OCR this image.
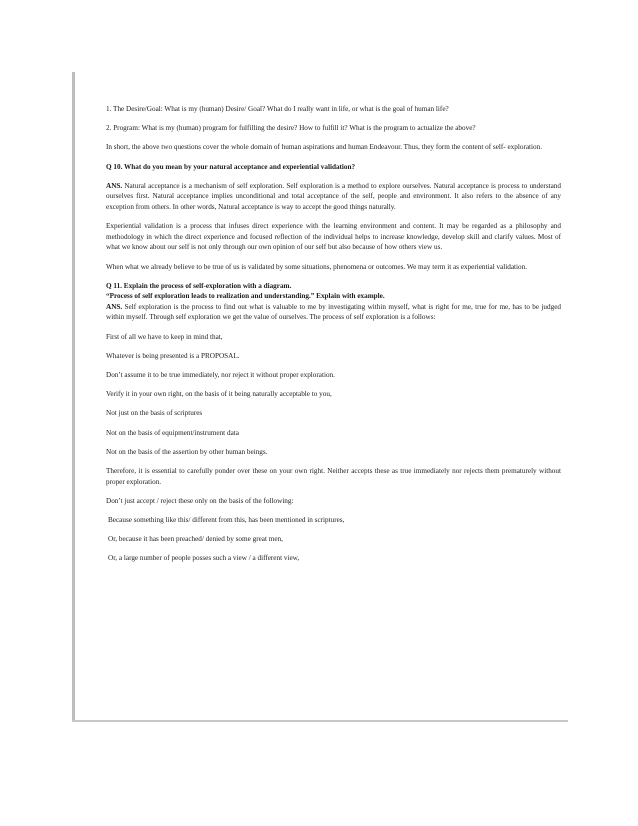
1. The Desire/Goal: What is my (human) Desire/ Goal? What do I really want in life, or what is the goal of human life?

2. Program: What is my (human) program for fulfilling the desire? How to fulfill it? What is the program to actualize the above?

In short, the above two questions cover the whole domain of human aspirations and human Endeavour. Thus, they form the content of self- exploration.

Q 10. What do you mean by your natural acceptance and experiential validation?

ANS. Natural acceptance is a mechanism of self exploration. Self exploration is a method to explore ourselves. Natural acceptance is process to understand ourselves first. Natural acceptance implies unconditional and total acceptance of the self, people and environment. It also refers to the absence of any exception from others. In other words, Natural acceptance is way to accept the good things naturally.

Experiential validation is a process that infuses direct experience with the learning environment and content. It may be regarded as a philosophy and methodology in which the direct experience and focused reflection of the individual helps to increase knowledge, develop skill and clarify values. Most of what we know about our self is not only through our own opinion of our self but also because of how others view us.

When what we already believe to be true of us is validated by some situations, phenomena or outcomes. We may term it as experiential validation.

Q 11. Explain the process of self-exploration with a diagram.

“Process of self exploration leads to realization and understanding.” Explain with example.

ANS. Self exploration is the process to find out what is valuable to me by investigating within myself, what is right for me, true for me, has to be judged within myself. Through self exploration we get the value of ourselves. The process of self exploration is a follows:

First of all we have to keep in mind that,

Whatever is being presented is a PROPOSAL.

Don’t assume it to be true immediately, nor reject it without proper exploration.

Verify it in your own right, on the basis of it being naturally acceptable to you,

Not just on the basis of scriptures

Not on the basis of equipment/instrument data

Not on the basis of the assertion by other human beings.

Therefore, it is essential to carefully ponder over these on your own right. Neither accepts these as true immediately nor rejects them prematurely without proper exploration.

Don’t just accept / reject these only on the basis of the following:

Because something like this/ different from this, has been mentioned in scriptures,

Or, because it has been preached/ denied by some great men,

Or, a large number of people posses such a view / a different view,
